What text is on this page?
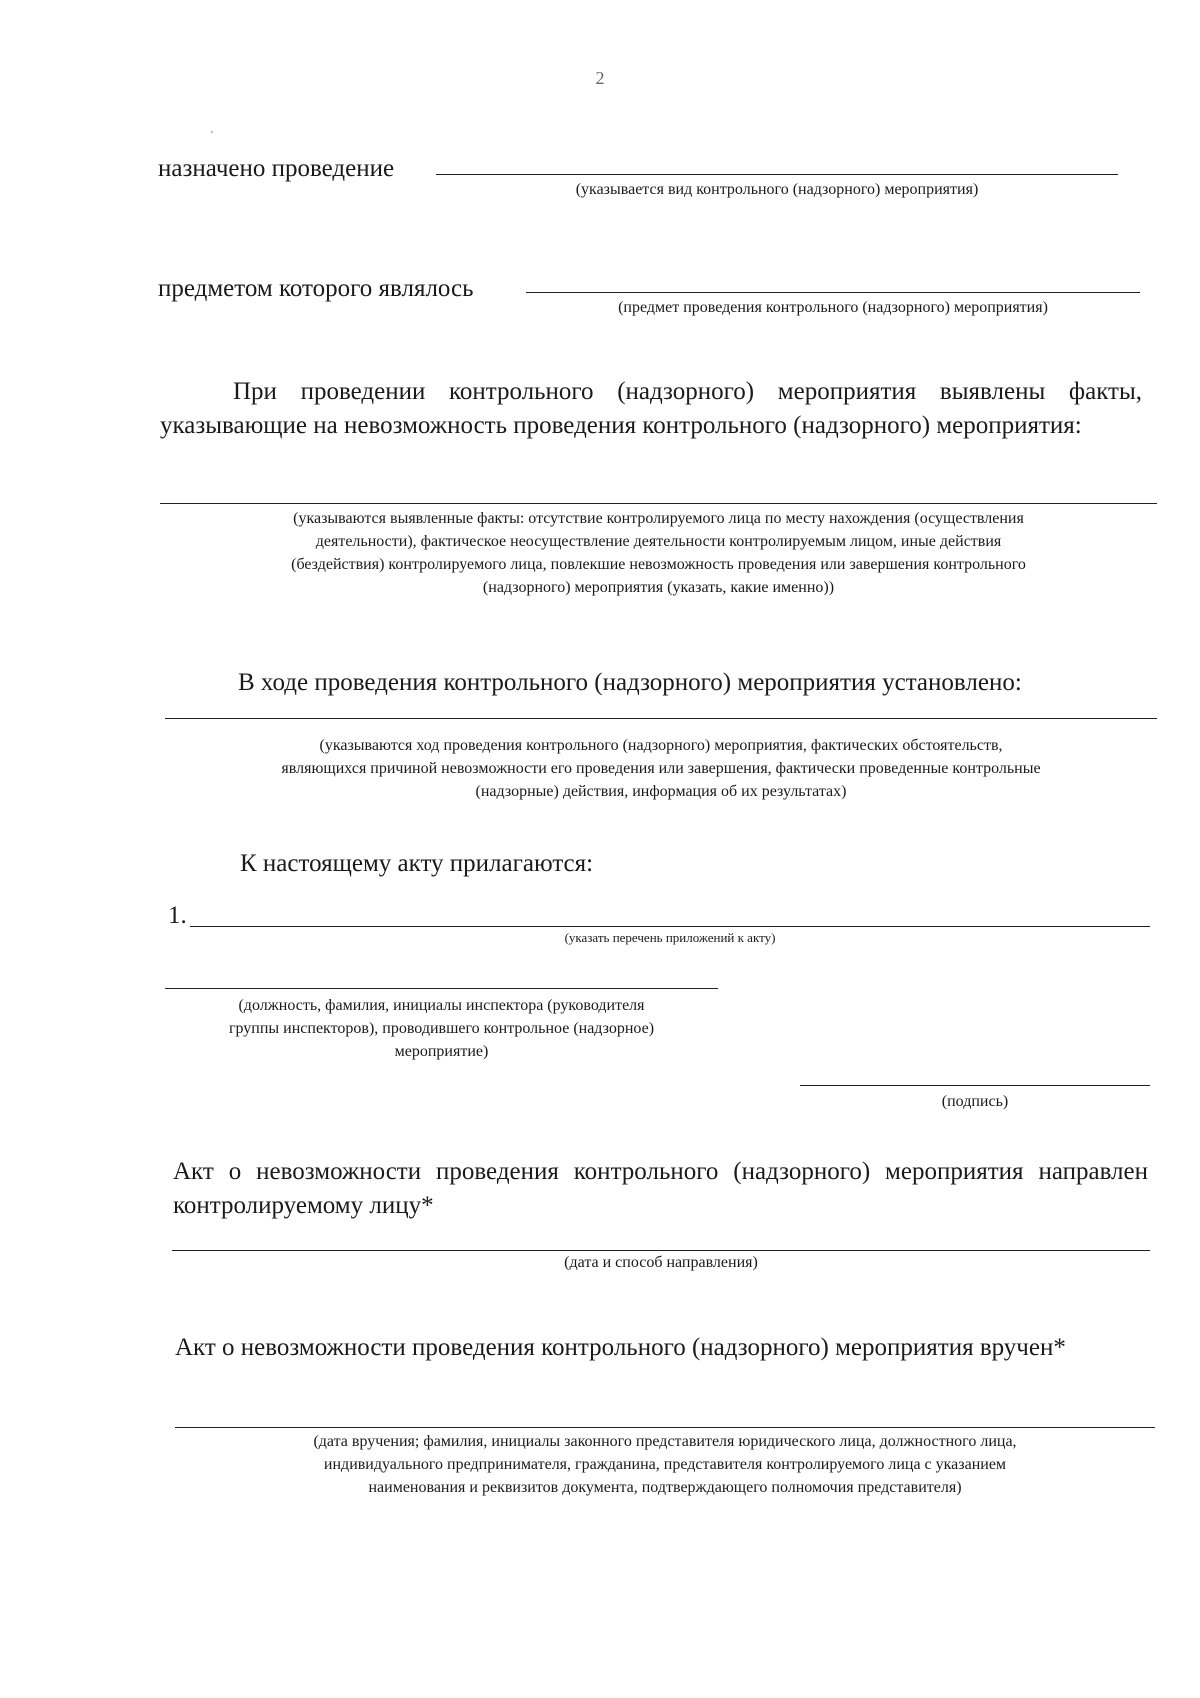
2
'
назначено проведение
(указывается вид контрольного (надзорного) мероприятия)
предметом которого являлось
(предмет проведения контрольного (надзорного) мероприятия)
При проведении контрольного (надзорного) мероприятия выявлены факты, указывающие на невозможность проведения контрольного (надзорного) мероприятия:
(указываются выявленные факты: отсутствие контролируемого лица по месту нахождения (осуществления
деятельности), фактическое неосуществление деятельности контролируемым лицом, иные действия
(бездействия) контролируемого лица, повлекшие невозможность проведения или завершения контрольного
(надзорного) мероприятия (указать, какие именно))
В ходе проведения контрольного (надзорного) мероприятия установлено:
(указываются ход проведения контрольного (надзорного) мероприятия, фактических обстоятельств,
являющихся причиной невозможности его проведения или завершения, фактически проведенные контрольные
(надзорные) действия, информация об их результатах)
К настоящему акту прилагаются:
1.
(указать перечень приложений к акту)
(должность, фамилия, инициалы инспектора (руководителя
группы инспекторов), проводившего контрольное (надзорное)
мероприятие)
(подпись)
Акт о невозможности проведения контрольного (надзорного) мероприятия направлен контролируемому лицу*
(дата и способ направления)
Акт о невозможности проведения контрольного (надзорного) мероприятия вручен*
(дата вручения; фамилия, инициалы законного представителя юридического лица, должностного лица,
индивидуального предпринимателя, гражданина, представителя контролируемого лица с указанием
наименования и реквизитов документа, подтверждающего полномочия представителя)
